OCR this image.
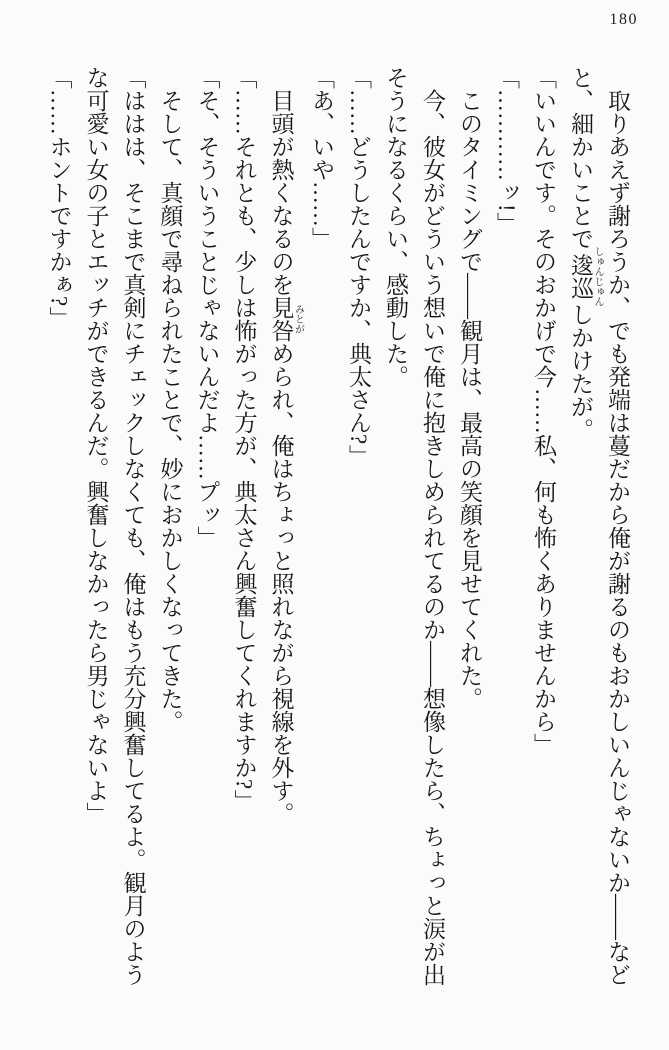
180

取りあえず謝ろうか、でも発端は蔓だから俺が謝るのもおかしいんじゃないか――などと、細かいことで逡巡 しゅんじゅんしかけたが。

「いいんです。そのおかげで今……私、何も怖くありませんから」

「…………ッ!」

このタイミングで――観月は、最高の笑顔を見せてくれた。

今、彼女がどういう想いで俺に抱きしめられてるのか――想像したら、ちょっと涙が出そうになるくらい、感動した。

「……どうしたんですか、典太さん?」

「あ、いや……」

目頭が熱くなるのを見咎 みとがめられ、俺はちょっと照れながら視線を外す。

「……それとも、少しは怖がった方が、典太さん興奮してくれますか?」

「そ、そういうことじゃないんだよ……プッ」

そして、真顔で尋ねられたことで、妙におかしくなってきた。

「ははは、そこまで真剣にチェックしなくても、俺はもう充分興奮してるよ。観月のような可愛い女の子とエッチができるんだ。興奮しなかったら男じゃないよ」

「……ホントですかぁ?」
